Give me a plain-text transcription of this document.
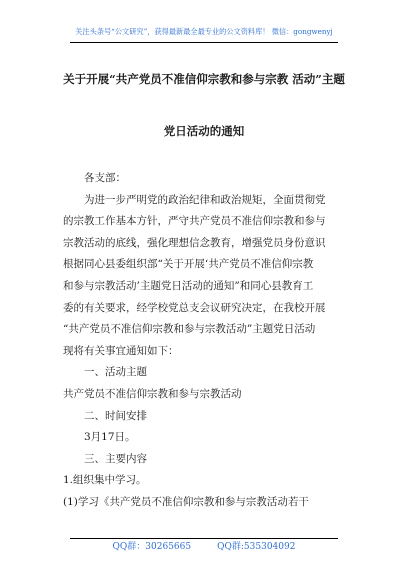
关注头条号“公文研究”，获得最新最全最专业的公文资料库！ 微信：gongwenyj
关于开展“共产党员不准信仰宗教和参与宗教 活动”主题
党日活动的通知
各支部：
为进一步严明党的政治纪律和政治规矩，全面贯彻党
的宗教工作基本方针，严守共产党员不准信仰宗教和参与
宗教活动的底线，强化理想信念教育，增强党员身份意识
根据同心县委组织部“关于开展‘共产党员不准信仰宗教
和参与宗教活动’主题党日活动的通知”和同心县教育工
委的有关要求，经学校党总支会议研究决定，在我校开展
“共产党员不准信仰宗教和参与宗教活动”主题党日活动
现将有关事宜通知如下：
一、活动主题
共产党员不准信仰宗教和参与宗教活动
二、时间安排
3月17日。
三、主要内容
1.组织集中学习。
(1)学习《共产党员不准信仰宗教和参与宗教活动若干
QQ群：30265665	QQ群:535304092
